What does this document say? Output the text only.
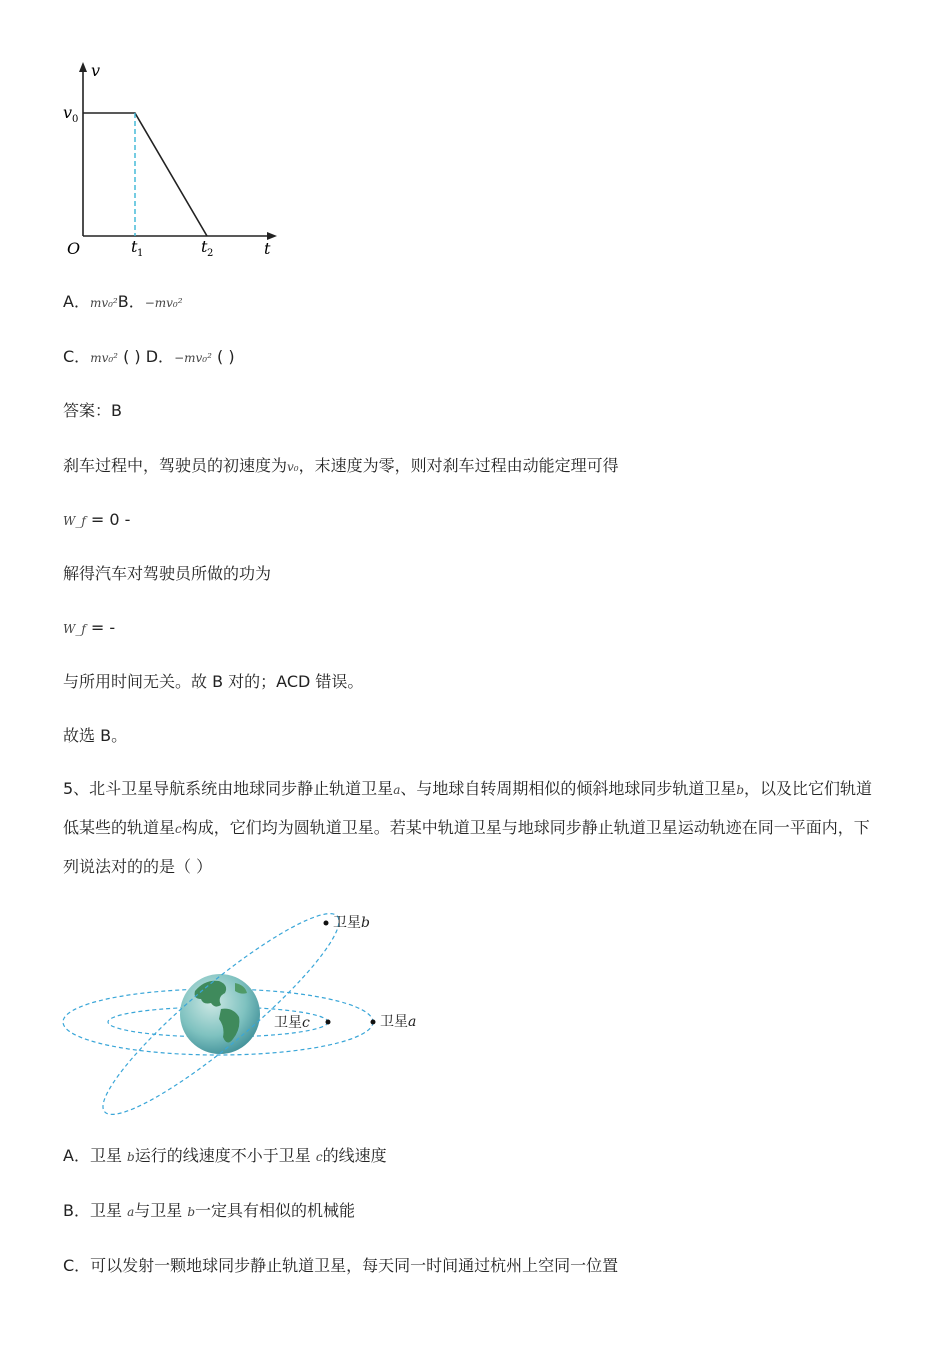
v
v 0
O	t 1	t 2	t
A．mv₀²B．−mv₀²
C．mv₀² ( ) D．−mv₀² ( )
答案：B
刹车过程中，驾驶员的初速度为v₀，末速度为零，则对刹车过程由动能定理可得
W_f = 0 -
解得汽车对驾驶员所做的功为
W_f = -
与所用时间无关。故 B 对的；ACD 错误。
故选 B。
5、北斗卫星导航系统由地球同步静止轨道卫星a、与地球自转周期相似的倾斜地球同步轨道卫星b，以及比它们轨道低某些的轨道星c构成，它们均为圆轨道卫星。若某中轨道卫星与地球同步静止轨道卫星运动轨迹在同一平面内，下列说法对的的是（ ）
卫星b
卫星a
卫星c
A．卫星 b运行的线速度不小于卫星 c的线速度
B．卫星 a与卫星 b一定具有相似的机械能
C．可以发射一颗地球同步静止轨道卫星，每天同一时间通过杭州上空同一位置
